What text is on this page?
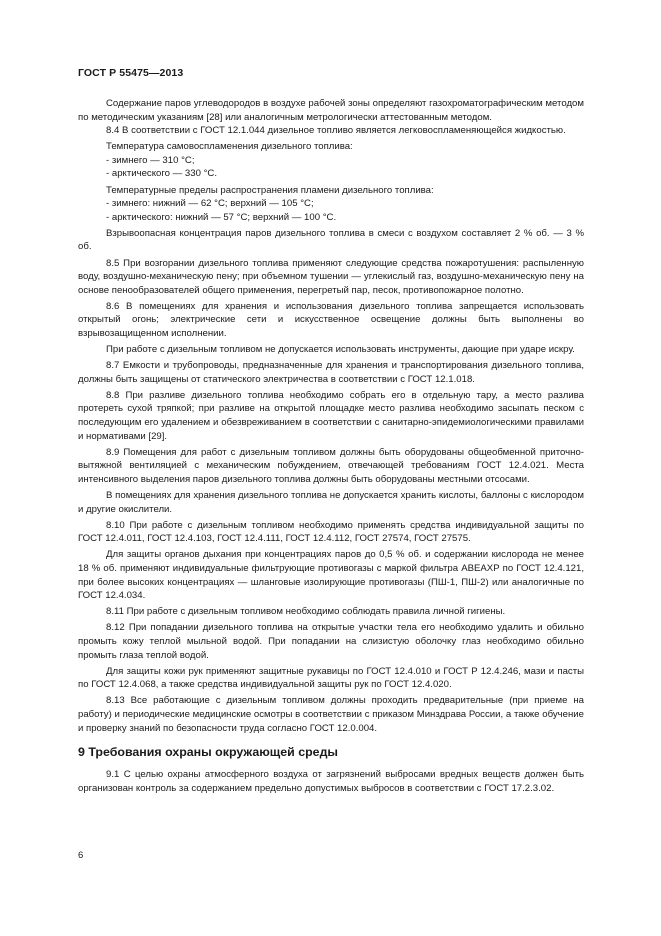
ГОСТ Р 55475—2013

Содержание паров углеводородов в воздухе рабочей зоны определяют газохроматографическим методом по методическим указаниям [28] или аналогичным метрологически аттестованным методом.

8.4 В соответствии с ГОСТ 12.1.044 дизельное топливо является легковоспламеняющейся жидкостью.

Температура самовоспламенения дизельного топлива:

- зимнего — 310 °С;

- арктического — 330 °С.

Температурные пределы распространения пламени дизельного топлива:

- зимнего: нижний — 62 °С; верхний — 105 °С;

- арктического: нижний — 57 °С; верхний — 100 °С.

Взрывоопасная концентрация паров дизельного топлива в смеси с воздухом составляет 2 % об. — 3 % об.

8.5 При возгорании дизельного топлива применяют следующие средства пожаротушения: распыленную воду, воздушно-механическую пену; при объемном тушении — углекислый газ, воздушно-механическую пену на основе пенообразователей общего применения, перегретый пар, песок, противопожарное полотно.

8.6 В помещениях для хранения и использования дизельного топлива запрещается использовать открытый огонь; электрические сети и искусственное освещение должны быть выполнены во взрывозащищенном исполнении.

При работе с дизельным топливом не допускается использовать инструменты, дающие при ударе искру.

8.7 Емкости и трубопроводы, предназначенные для хранения и транспортирования дизельного топлива, должны быть защищены от статического электричества в соответствии с ГОСТ 12.1.018.

8.8 При разливе дизельного топлива необходимо собрать его в отдельную тару, а место разлива протереть сухой тряпкой; при разливе на открытой площадке место разлива необходимо засыпать песком с последующим его удалением и обезвреживанием в соответствии с санитарно-эпидемиологическими правилами и нормативами [29].

8.9 Помещения для работ с дизельным топливом должны быть оборудованы общеобменной приточно-вытяжной вентиляцией с механическим побуждением, отвечающей требованиям ГОСТ 12.4.021. Места интенсивного выделения паров дизельного топлива должны быть оборудованы местными отсосами.

В помещениях для хранения дизельного топлива не допускается хранить кислоты, баллоны с кислородом и другие окислители.

8.10 При работе с дизельным топливом необходимо применять средства индивидуальной защиты по ГОСТ 12.4.011, ГОСТ 12.4.103, ГОСТ 12.4.111, ГОСТ 12.4.112, ГОСТ 27574, ГОСТ 27575.

Для защиты органов дыхания при концентрациях паров до 0,5 % об. и содержании кислорода не менее 18 % об. применяют индивидуальные фильтрующие противогазы с маркой фильтра АВЕАХР по ГОСТ 12.4.121, при более высоких концентрациях — шланговые изолирующие противогазы (ПШ-1, ПШ-2) или аналогичные по ГОСТ 12.4.034.

8.11 При работе с дизельным топливом необходимо соблюдать правила личной гигиены.

8.12 При попадании дизельного топлива на открытые участки тела его необходимо удалить и обильно промыть кожу теплой мыльной водой. При попадании на слизистую оболочку глаз необходимо обильно промыть глаза теплой водой.

Для защиты кожи рук применяют защитные рукавицы по ГОСТ 12.4.010 и ГОСТ Р 12.4.246, мази и пасты по ГОСТ 12.4.068, а также средства индивидуальной защиты рук по ГОСТ 12.4.020.

8.13 Все работающие с дизельным топливом должны проходить предварительные (при приеме на работу) и периодические медицинские осмотры в соответствии с приказом Минздрава России, а также обучение и проверку знаний по безопасности труда согласно ГОСТ 12.0.004.

9 Требования охраны окружающей среды

9.1 С целью охраны атмосферного воздуха от загрязнений выбросами вредных веществ должен быть организован контроль за содержанием предельно допустимых выбросов в соответствии с ГОСТ 17.2.3.02.

6
